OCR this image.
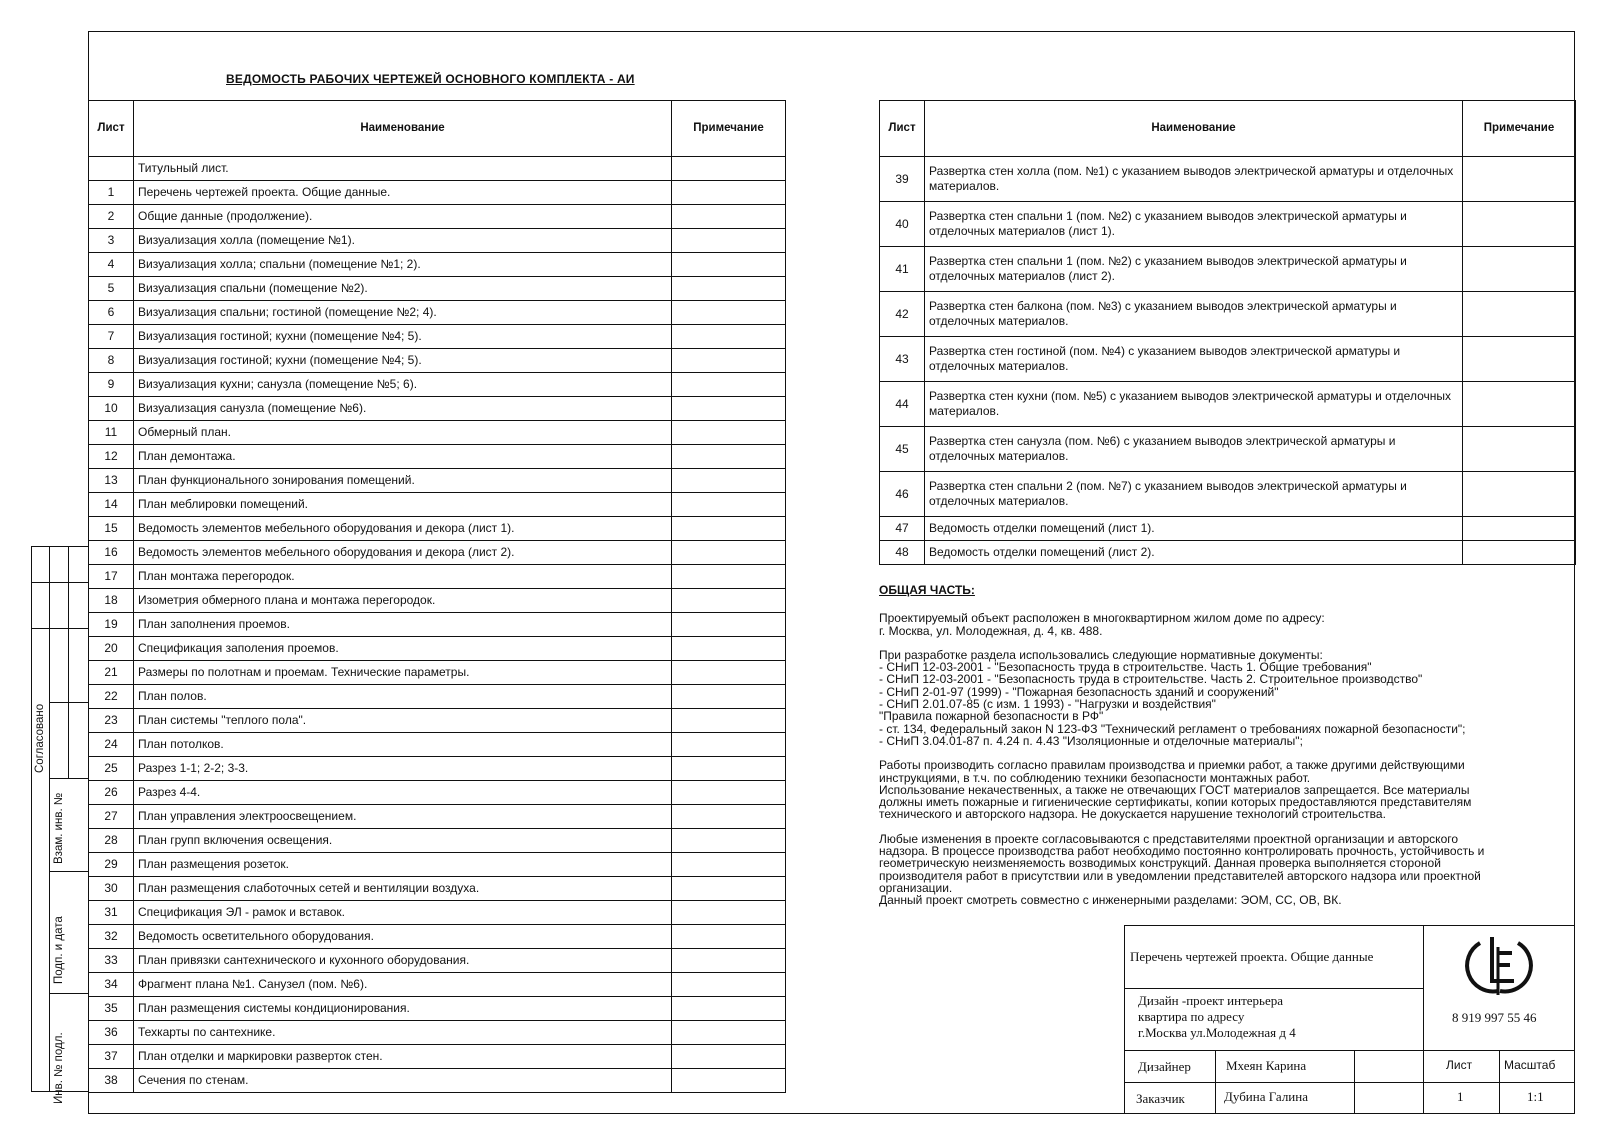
ВЕДОМОСТЬ РАБОЧИХ ЧЕРТЕЖЕЙ ОСНОВНОГО КОМПЛЕКТА - АИ
Лист	Наименование	Примечание
	Титульный лист.	
1	Перечень чертежей проекта. Общие данные.	
2	Общие данные (продолжение).	
3	Визуализация холла (помещение №1).	
4	Визуализация холла; спальни (помещение №1; 2).	
5	Визуализация спальни (помещение №2).	
6	Визуализация спальни; гостиной (помещение №2; 4).	
7	Визуализация гостиной; кухни (помещение №4; 5).	
8	Визуализация гостиной; кухни (помещение №4; 5).	
9	Визуализация кухни; санузла (помещение №5; 6).	
10	Визуализация санузла (помещение №6).	
11	Обмерный план.	
12	План демонтажа.	
13	План функционального зонирования помещений.	
14	План меблировки помещений.	
15	Ведомость элементов мебельного оборудования и декора (лист 1).	
16	Ведомость элементов мебельного оборудования и декора (лист 2).	
17	План монтажа перегородок.	
18	Изометрия обмерного плана и монтажа перегородок.	
19	План заполнения проемов.	
20	Спецификация заполения проемов.	
21	Размеры по полотнам и проемам. Технические параметры.	
22	План полов.	
23	План системы "теплого пола".	
24	План потолков.	
25	Разрез 1-1; 2-2; 3-3.	
26	Разрез 4-4.	
27	План управления электроосвещением.	
28	План групп включения освещения.	
29	План размещения розеток.	
30	План размещения слаботочных сетей и вентиляции воздуха.	
31	Спецификация ЭЛ - рамок и вставок.	
32	Ведомость осветительного оборудования.	
33	План привязки сантехнического и кухонного оборудования.	
34	Фрагмент плана №1. Санузел (пом. №6).	
35	План размещения системы кондиционирования.	
36	Техкарты по сантехнике.	
37	План отделки и маркировки разверток стен.	
38	Сечения по стенам.	
Лист	Наименование	Примечание
39	Развертка стен холла (пом. №1) с указанием выводов электрической арматуры и отделочных материалов.	
40	Развертка стен спальни 1 (пом. №2) с указанием выводов электрической арматуры и отделочных материалов (лист 1).	
41	Развертка стен спальни 1 (пом. №2) с указанием выводов электрической арматуры и отделочных материалов (лист 2).	
42	Развертка стен балкона (пом. №3) с указанием выводов электрической арматуры и отделочных материалов.	
43	Развертка стен гостиной (пом. №4) с указанием выводов электрической арматуры и отделочных материалов.	
44	Развертка стен кухни (пом. №5) с указанием выводов электрической арматуры и отделочных материалов.	
45	Развертка стен санузла (пом. №6) с указанием выводов электрической арматуры и отделочных материалов.	
46	Развертка стен спальни 2 (пом. №7) с указанием выводов электрической арматуры и отделочных материалов.	
47	Ведомость отделки помещений (лист 1).	
48	Ведомость отделки помещений (лист 2).	
ОБЩАЯ ЧАСТЬ:
Проектируемый объект расположен в многоквартирном жилом доме по адресу:
г. Москва, ул. Молодежная, д. 4, кв. 488.
При разработке раздела использовались следующие нормативные документы:
- СНиП 12-03-2001 - "Безопасность труда в строительстве. Часть 1. Общие требования"
- СНиП 12-03-2001 - "Безопасность труда в строительстве. Часть 2. Строительное производство"
- СНиП 2-01-97 (1999) - "Пожарная безопасность зданий и сооружений"
- СНиП 2.01.07-85 (с изм. 1 1993) - "Нагрузки и воздействия"
"Правила пожарной безопасности в РФ"
- ст. 134, Федеральный закон N 123-ФЗ "Технический регламент о требованиях пожарной безопасности";
- СНиП 3.04.01-87 п. 4.24 п. 4.43 "Изоляционные и отделочные материалы";
Работы производить согласно правилам производства и приемки работ, а также другими действующими
инструкциями, в т.ч. по соблюдению техники безопасности монтажных работ.
Использование некачественных, а также не отвечающих ГОСТ материалов запрещается. Все материалы
должны иметь пожарные и гигиенические сертификаты, копии которых предоставляются представителям
технического и авторского надзора. Не докускается нарушение технологий строительства.
Любые изменения в проекте согласовываются с представителями проектной организации и авторского
надзора. В процессе производства работ необходимо постоянно контролировать прочность, устойчивость и
геометрическую неизменяемость возводимых конструкций. Данная проверка выполняется стороной
производителя работ в присутствии или в уведомлении представителей авторского надзора или проектной
организации.
Данный проект смотреть совместно с инженерными разделами: ЭОМ, СС, ОВ, ВК.
Согласовано
Взам. инв. №
Подп. и дата
Инв. № подл.
Перечень чертежей проекта. Общие данные
Дизайн -проект интерьера
квартира по адресу
г.Москва ул.Молодежная д 4
8 919 997 55 46
Дизайнер	Мхеян Карина	Лист	Масштаб
Заказчик	Дубина Галина	1	1:1
